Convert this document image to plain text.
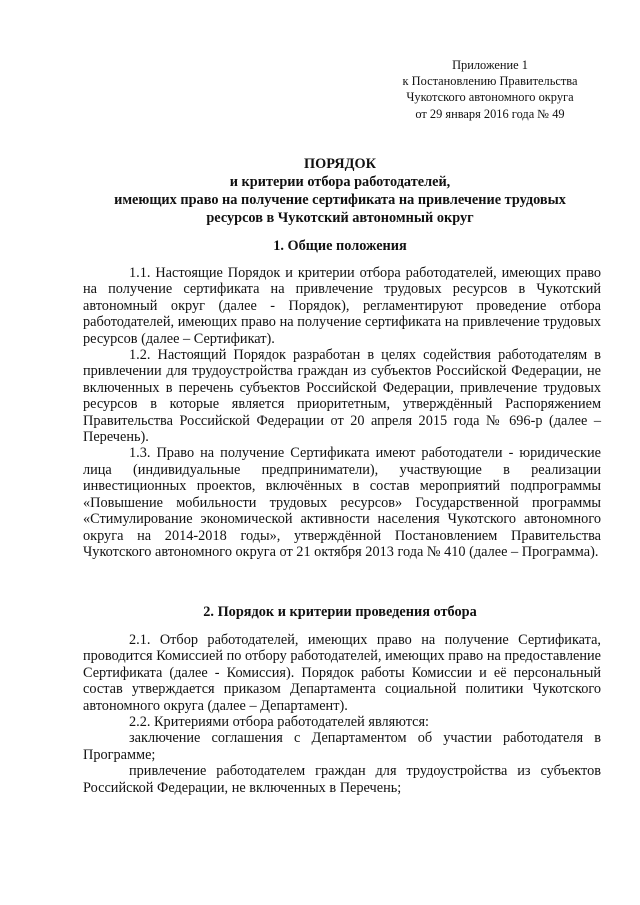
Приложение 1
к Постановлению Правительства
Чукотского автономного округа
от 29 января 2016 года № 49
ПОРЯДОК
и критерии отбора работодателей,
имеющих право на получение сертификата на привлечение трудовых
ресурсов в Чукотский автономный округ
1. Общие положения

1.1. Настоящие Порядок и критерии отбора работодателей, имеющих право на получение сертификата на привлечение трудовых ресурсов в Чукотский автономный округ (далее - Порядок), регламентируют проведение отбора работодателей, имеющих право на получение сертификата на привлечение трудовых ресурсов (далее – Сертификат).

1.2. Настоящий Порядок разработан в целях содействия работодателям в привлечении для трудоустройства граждан из субъектов Российской Федерации, не включенных в перечень субъектов Российской Федерации, привлечение трудовых ресурсов в которые является приоритетным, утверждённый Распоряжением Правительства Российской Федерации от 20 апреля 2015 года № 696-р (далее – Перечень).

1.3. Право на получение Сертификата имеют работодатели - юридические лица (индивидуальные предприниматели), участвующие в реализации инвестиционных проектов, включённых в состав мероприятий подпрограммы «Повышение мобильности трудовых ресурсов» Государственной программы «Стимулирование экономической активности населения Чукотского автономного округа на 2014-2018 годы», утверждённой Постановлением Правительства Чукотского автономного округа от 21 октября 2013 года № 410 (далее – Программа).

2. Порядок и критерии проведения отбора

2.1. Отбор работодателей, имеющих право на получение Сертификата, проводится Комиссией по отбору работодателей, имеющих право на предоставление Сертификата (далее - Комиссия). Порядок работы Комиссии и её персональный состав утверждается приказом Департамента социальной политики Чукотского автономного округа (далее – Департамент).

2.2. Критериями отбора работодателей являются:

заключение соглашения с Департаментом об участии работодателя в Программе;

привлечение работодателем граждан для трудоустройства из субъектов Российской Федерации, не включенных в Перечень;
